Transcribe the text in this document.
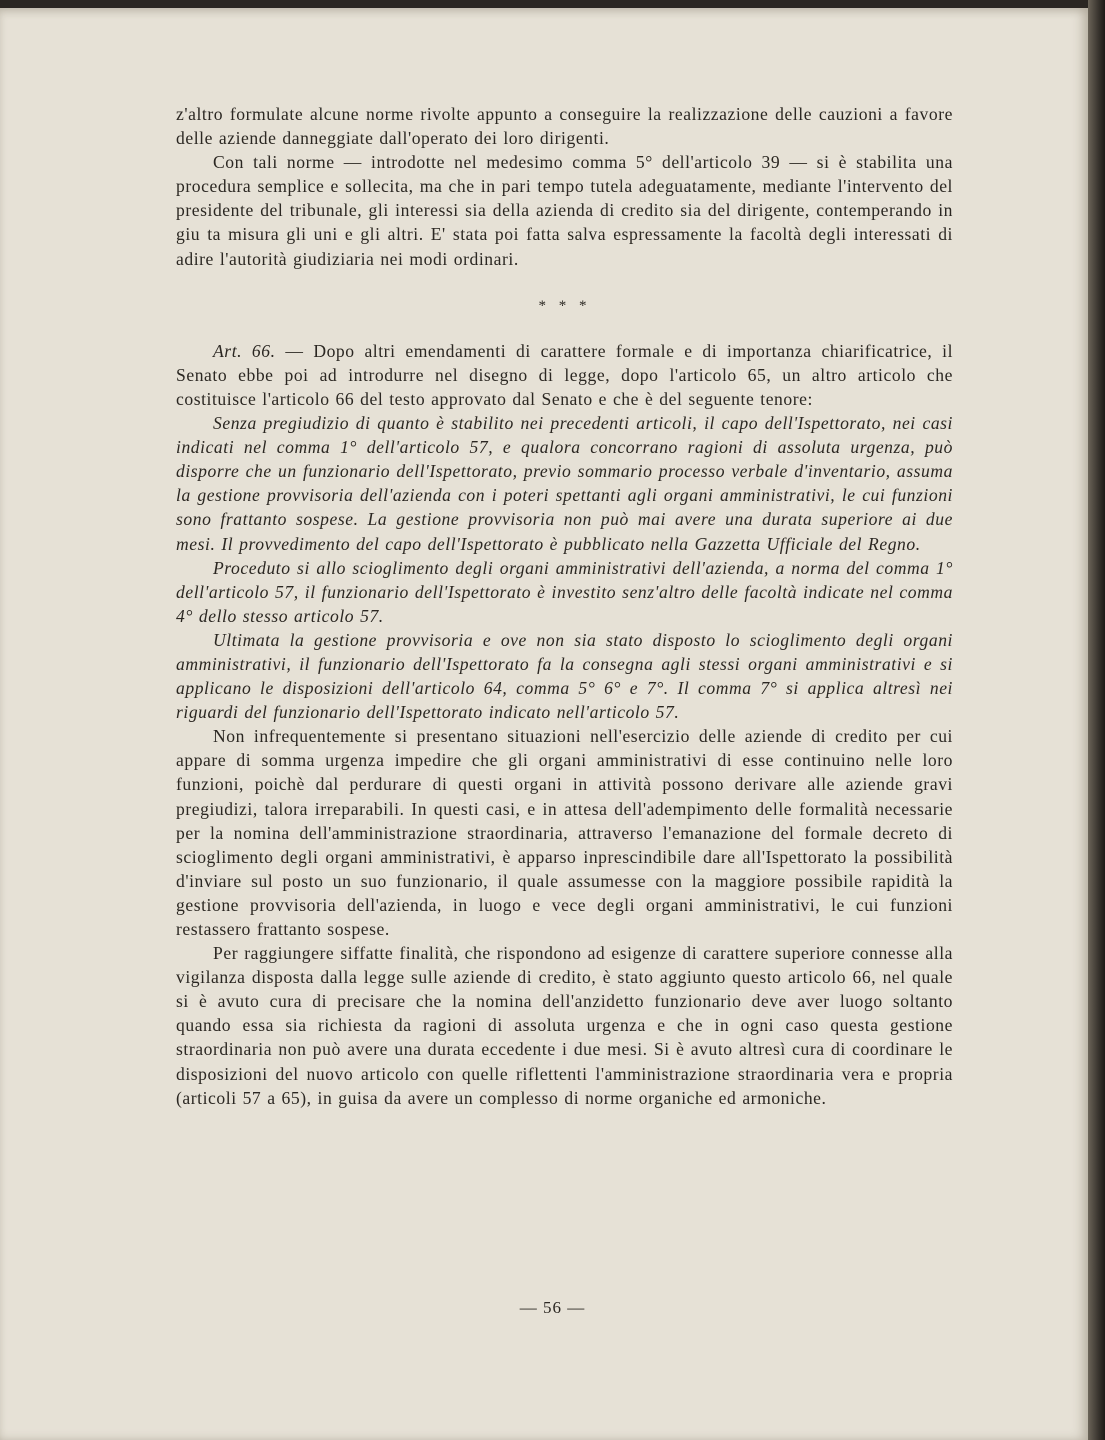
z'altro formulate alcune norme rivolte appunto a conseguire la realizzazione delle cauzioni a favore delle aziende danneggiate dall'operato dei loro dirigenti.

Con tali norme — introdotte nel medesimo comma 5° dell'articolo 39 — si è stabilita una procedura semplice e sollecita, ma che in pari tempo tutela adeguatamente, mediante l'intervento del presidente del tribunale, gli interessi sia della azienda di credito sia del dirigente, contemperando in giu ta misura gli uni e gli altri. E' stata poi fatta salva espressamente la facoltà degli interessati di adire l'autorità giudiziaria nei modi ordinari.

* * *

Art. 66. — Dopo altri emendamenti di carattere formale e di importanza chiarificatrice, il Senato ebbe poi ad introdurre nel disegno di legge, dopo l'articolo 65, un altro articolo che costituisce l'articolo 66 del testo approvato dal Senato e che è del seguente tenore:

Senza pregiudizio di quanto è stabilito nei precedenti articoli, il capo dell'Ispettorato, nei casi indicati nel comma 1° dell'articolo 57, e qualora concorrano ragioni di assoluta urgenza, può disporre che un funzionario dell'Ispettorato, previo sommario processo verbale d'inventario, assuma la gestione provvisoria dell'azienda con i poteri spettanti agli organi amministrativi, le cui funzioni sono frattanto sospese. La gestione provvisoria non può mai avere una durata superiore ai due mesi. Il provvedimento del capo dell'Ispettorato è pubblicato nella Gazzetta Ufficiale del Regno.

Proceduto si allo scioglimento degli organi amministrativi dell'azienda, a norma del comma 1° dell'articolo 57, il funzionario dell'Ispettorato è investito senz'altro delle facoltà indicate nel comma 4° dello stesso articolo 57.

Ultimata la gestione provvisoria e ove non sia stato disposto lo scioglimento degli organi amministrativi, il funzionario dell'Ispettorato fa la consegna agli stessi organi amministrativi e si applicano le disposizioni dell'articolo 64, comma 5° 6° e 7°. Il comma 7° si applica altresì nei riguardi del funzionario dell'Ispettorato indicato nell'articolo 57.

Non infrequentemente si presentano situazioni nell'esercizio delle aziende di credito per cui appare di somma urgenza impedire che gli organi amministrativi di esse continuino nelle loro funzioni, poichè dal perdurare di questi organi in attività possono derivare alle aziende gravi pregiudizi, talora irreparabili. In questi casi, e in attesa dell'adempimento delle formalità necessarie per la nomina dell'amministrazione straordinaria, attraverso l'emanazione del formale decreto di scioglimento degli organi amministrativi, è apparso inprescindibile dare all'Ispettorato la possibilità d'inviare sul posto un suo funzionario, il quale assumesse con la maggiore possibile rapidità la gestione provvisoria dell'azienda, in luogo e vece degli organi amministrativi, le cui funzioni restassero frattanto sospese.

Per raggiungere siffatte finalità, che rispondono ad esigenze di carattere superiore connesse alla vigilanza disposta dalla legge sulle aziende di credito, è stato aggiunto questo articolo 66, nel quale si è avuto cura di precisare che la nomina dell'anzidetto funzionario deve aver luogo soltanto quando essa sia richiesta da ragioni di assoluta urgenza e che in ogni caso questa gestione straordinaria non può avere una durata eccedente i due mesi. Si è avuto altresì cura di coordinare le disposizioni del nuovo articolo con quelle riflettenti l'amministrazione straordinaria vera e propria (articoli 57 a 65), in guisa da avere un complesso di norme organiche ed armoniche.

— 56 —
